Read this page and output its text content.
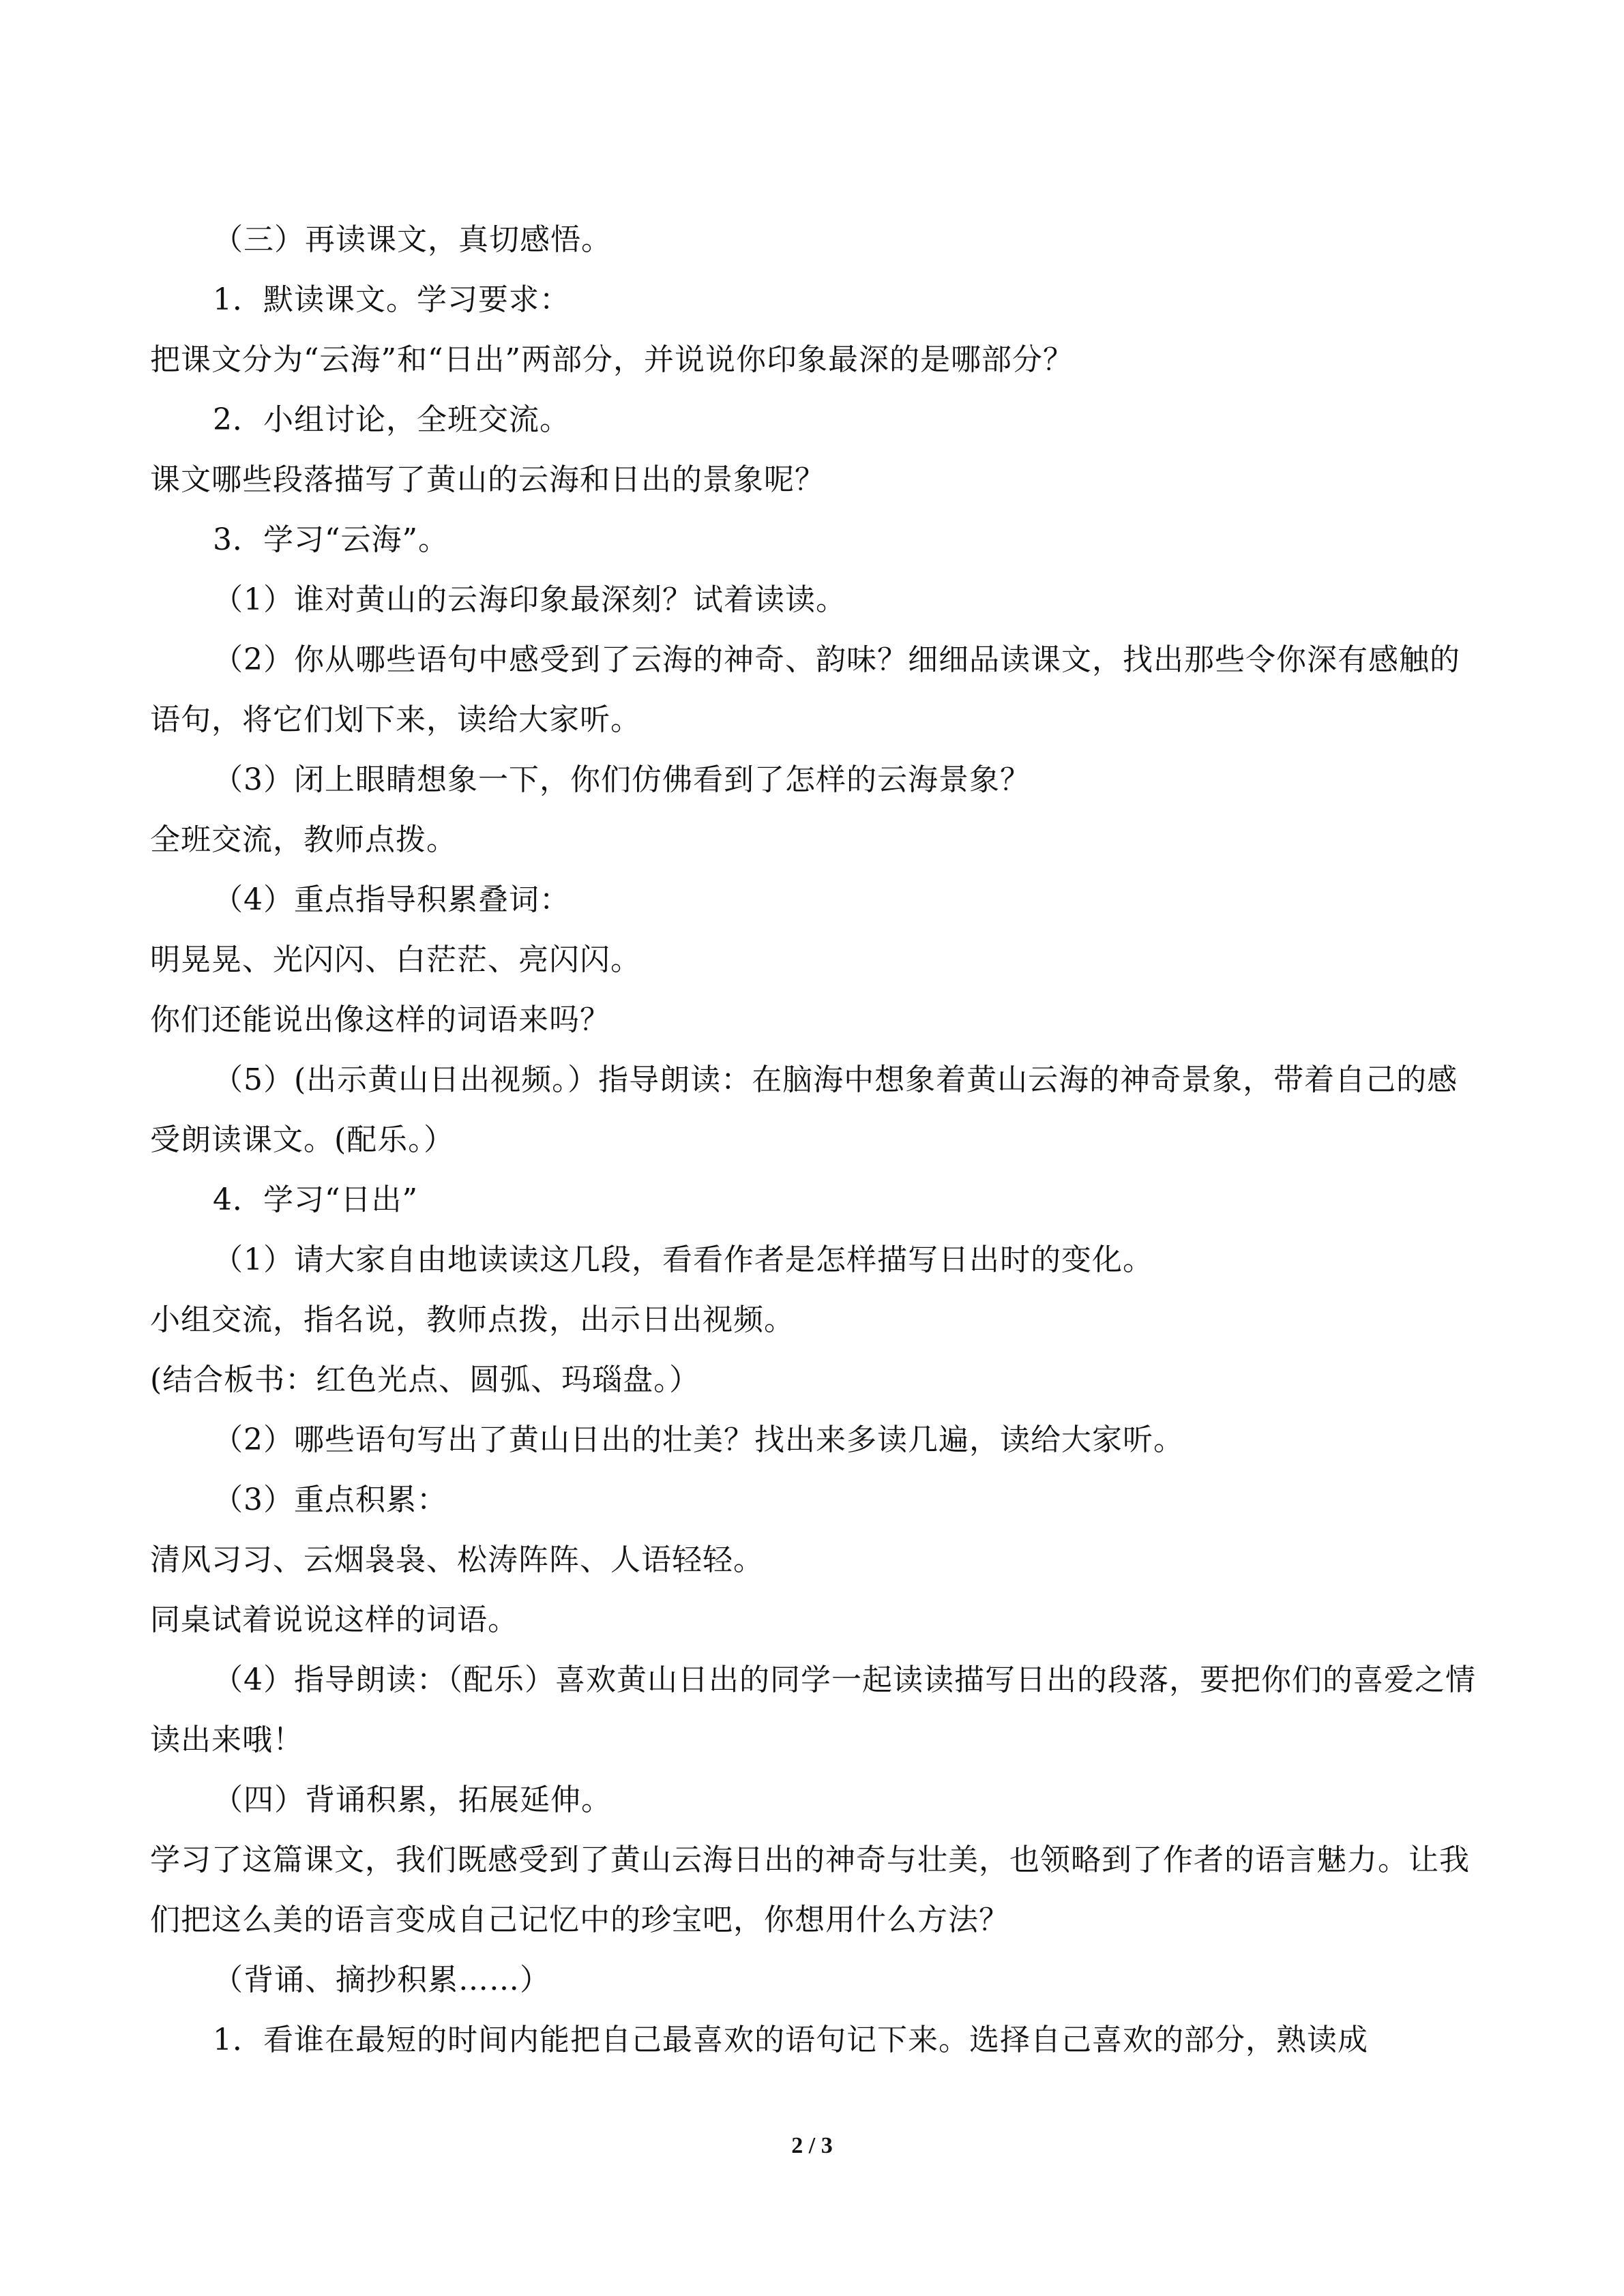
（三）再读课文，真切感悟。

1．默读课文。学习要求：

把课文分为“云海”和“日出”两部分，并说说你印象最深的是哪部分？

2．小组讨论，全班交流。

课文哪些段落描写了黄山的云海和日出的景象呢？

3．学习“云海”。

（1）谁对黄山的云海印象最深刻？试着读读。

（2）你从哪些语句中感受到了云海的神奇、韵味？细细品读课文，找出那些令你深有感触的语句，将它们划下来，读给大家听。

（3）闭上眼睛想象一下，你们仿佛看到了怎样的云海景象？

全班交流，教师点拨。

（4）重点指导积累叠词：

明晃晃、光闪闪、白茫茫、亮闪闪。

你们还能说出像这样的词语来吗？

（5）(出示黄山日出视频。）指导朗读：在脑海中想象着黄山云海的神奇景象，带着自己的感受朗读课文。(配乐。）

4．学习“日出”

（1）请大家自由地读读这几段，看看作者是怎样描写日出时的变化。

小组交流，指名说，教师点拨，出示日出视频。

(结合板书：红色光点、圆弧、玛瑙盘。）

（2）哪些语句写出了黄山日出的壮美？找出来多读几遍，读给大家听。

（3）重点积累：

清风习习、云烟袅袅、松涛阵阵、人语轻轻。

同桌试着说说这样的词语。

（4）指导朗读：（配乐）喜欢黄山日出的同学一起读读描写日出的段落，要把你们的喜爱之情读出来哦！

（四）背诵积累，拓展延伸。

学习了这篇课文，我们既感受到了黄山云海日出的神奇与壮美，也领略到了作者的语言魅力。让我们把这么美的语言变成自己记忆中的珍宝吧，你想用什么方法？

（背诵、摘抄积累……）

1．看谁在最短的时间内能把自己最喜欢的语句记下来。选择自己喜欢的部分，熟读成

2 / 3
